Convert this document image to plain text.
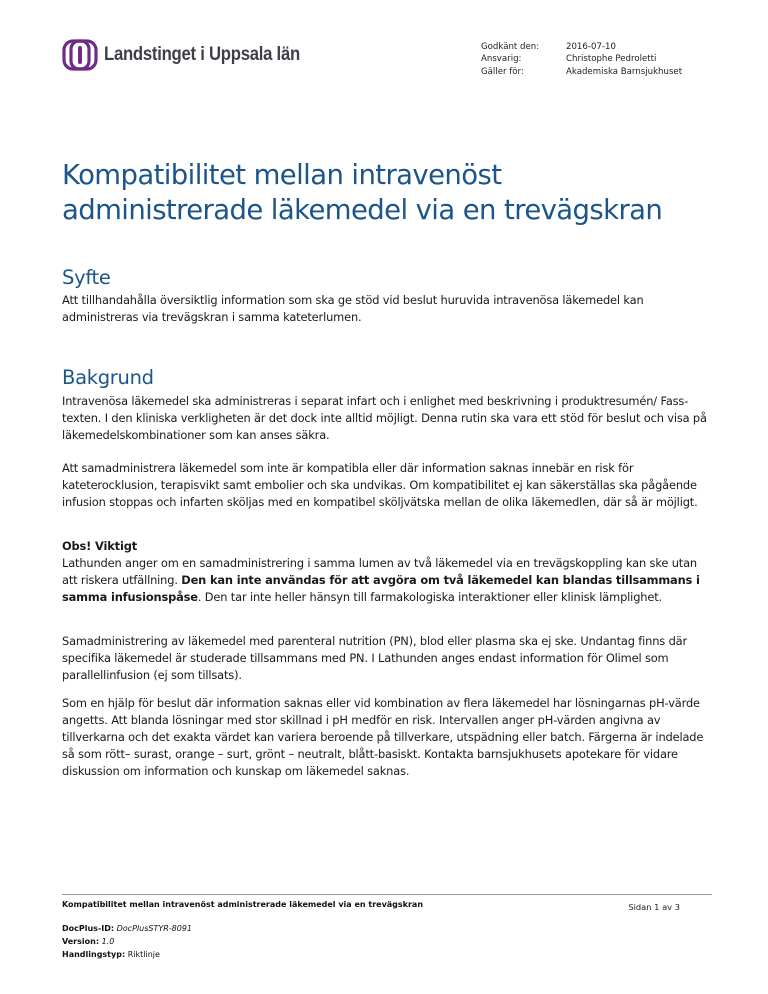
Landstinget i Uppsala län	Godkänt den:
Ansvarig:
Gäller för:
2016-07-10
Christophe Pedroletti
Akademiska Barnsjukhuset
Kompatibilitet mellan intravenöst administrerade läkemedel via en trevägskran
Syfte

Att tillhandahålla översiktlig information som ska ge stöd vid beslut huruvida intravenösa läkemedel kan administreras via trevägskran i samma kateterlumen.

Bakgrund

Intravenösa läkemedel ska administreras i separat infart och i enlighet med beskrivning i produktresumén/ Fass-texten. I den kliniska verkligheten är det dock inte alltid möjligt. Denna rutin ska vara ett stöd för beslut och visa på läkemedelskombinationer som kan anses säkra.

Att samadministrera läkemedel som inte är kompatibla eller där information saknas innebär en risk för kateterocklusion, terapisvikt samt embolier och ska undvikas. Om kompatibilitet ej kan säkerställas ska pågående infusion stoppas och infarten sköljas med en kompatibel sköljvätska mellan de olika läkemedlen, där så är möjligt.

Obs! Viktigt
Lathunden anger om en samadministrering i samma lumen av två läkemedel via en trevägskoppling kan ske utan att riskera utfällning. Den kan inte användas för att avgöra om två läkemedel kan blandas tillsammans i samma infusionspåse. Den tar inte heller hänsyn till farmakologiska interaktioner eller klinisk lämplighet.

Samadministrering av läkemedel med parenteral nutrition (PN), blod eller plasma ska ej ske. Undantag finns där specifika läkemedel är studerade tillsammans med PN. I Lathunden anges endast information för Olimel som parallellinfusion (ej som tillsats).

Som en hjälp för beslut där information saknas eller vid kombination av flera läkemedel har lösningarnas pH-värde angetts. Att blanda lösningar med stor skillnad i pH medför en risk. Intervallen anger pH-värden angivna av tillverkarna och det exakta värdet kan variera beroende på tillverkare, utspädning eller batch. Färgerna är indelade så som rött– surast, orange – surt, grönt – neutralt, blått-basiskt. Kontakta barnsjukhusets apotekare för vidare diskussion om information och kunskap om läkemedel saknas.

Kompatibilitet mellan intravenöst administrerade läkemedel via en trevägskran	Sidan 1 av 3
DocPlus-ID: DocPlusSTYR-8091
Version: 1.0
Handlingstyp: Riktlinje
